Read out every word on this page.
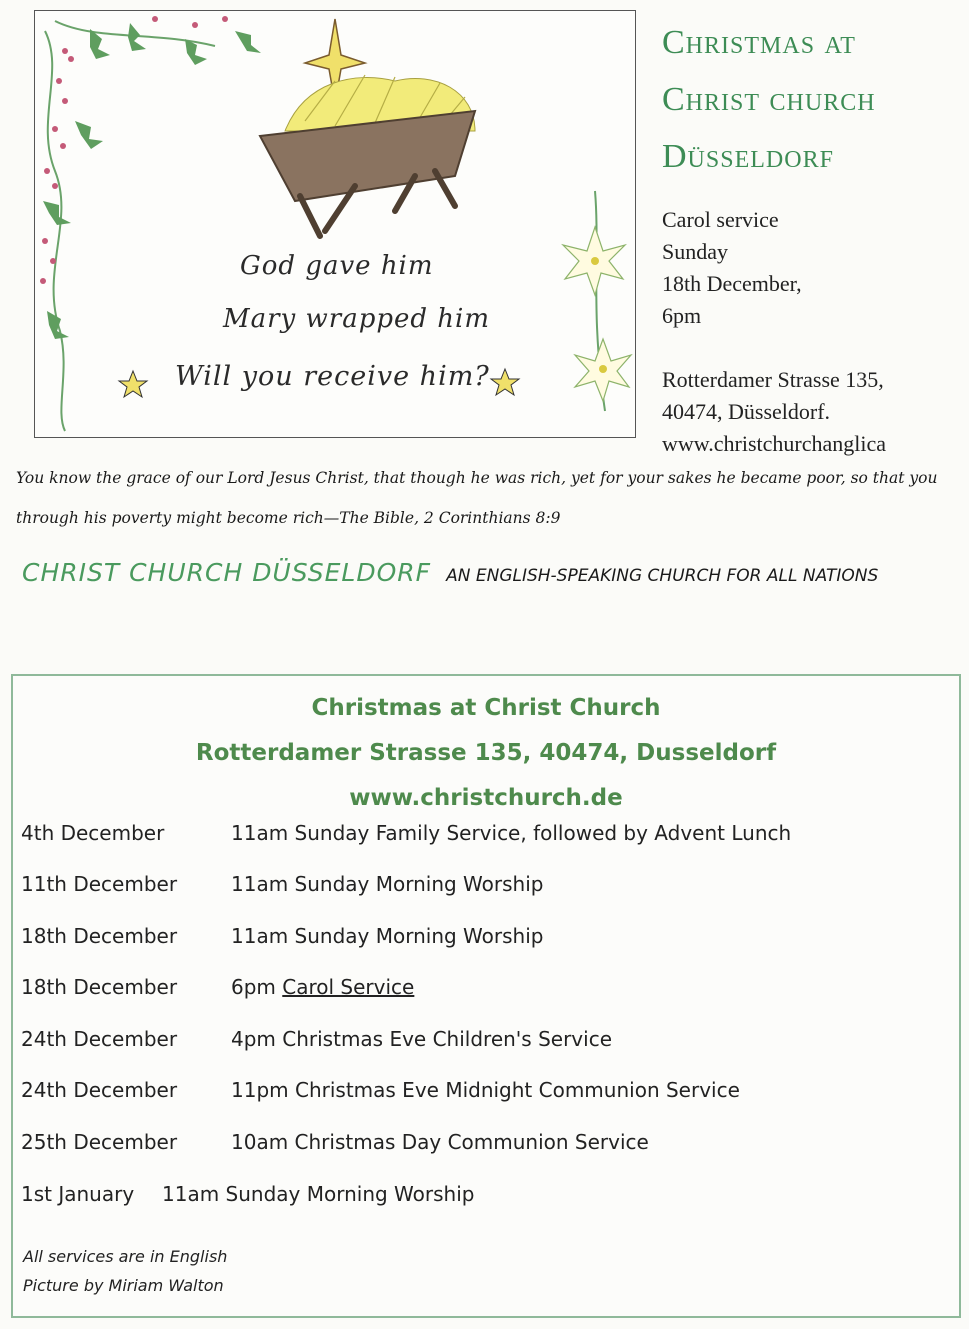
God gave him
Mary wrapped him
Will you receive him?
Christmas at
Christ church
Düsseldorf
Carol service
Sunday
18th December,
6pm
Rotterdamer Strasse 135,
40474, Düsseldorf.
www.christchurchanglica
You know the grace of our Lord Jesus Christ, that though he was rich, yet for your sakes he became poor, so that you
through his poverty might become rich—The Bible, 2 Corinthians 8:9
CHRIST CHURCH DÜSSELDORF AN ENGLISH-SPEAKING CHURCH FOR ALL NATIONS
Christmas at Christ Church
Rotterdamer Strasse 135, 40474, Dusseldorf
www.christchurch.de
4th December	11am Sunday Family Service, followed by Advent Lunch
11th December	11am Sunday Morning Worship
18th December	11am Sunday Morning Worship
18th December	6pm Carol Service
24th December	4pm Christmas Eve Children's Service
24th December	11pm Christmas Eve Midnight Communion Service
25th December	10am Christmas Day Communion Service
1st January 11am Sunday Morning Worship
All services are in English
Picture by Miriam Walton
